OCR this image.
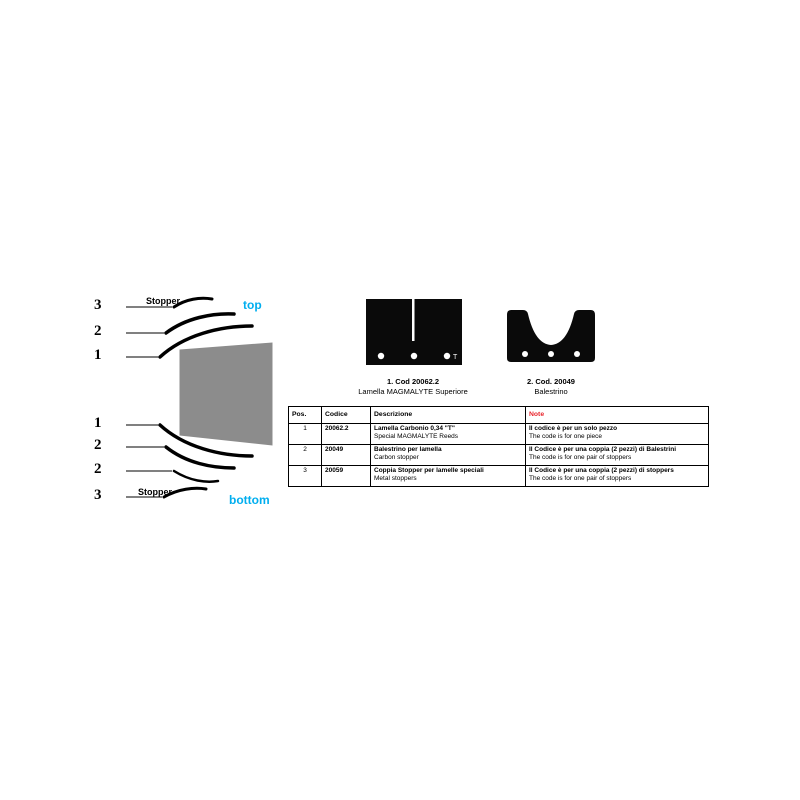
3
2
1
1
2
2
3
Stopper
Stopper
top
bottom
T
1. Cod 20062.2
Lamella MAGMALYTE Superiore
2. Cod. 20049
Balestrino
Pos.	Codice	Descrizione	Note
1	20062.2	Lamella Carbonio 0,34 "T"
Special MAGMALYTE Reeds	Il codice è per un solo pezzo
The code is for one piece

2	20049	Balestrino per lamella
Carbon stopper	Il Codice è per una coppia (2 pezzi) di Balestrini
The code is for one pair of stoppers

3	20059	Coppia Stopper per lamelle speciali
Metal stoppers	Il Codice è per una coppia (2 pezzi) di stoppers
The code is for one pair of stoppers
